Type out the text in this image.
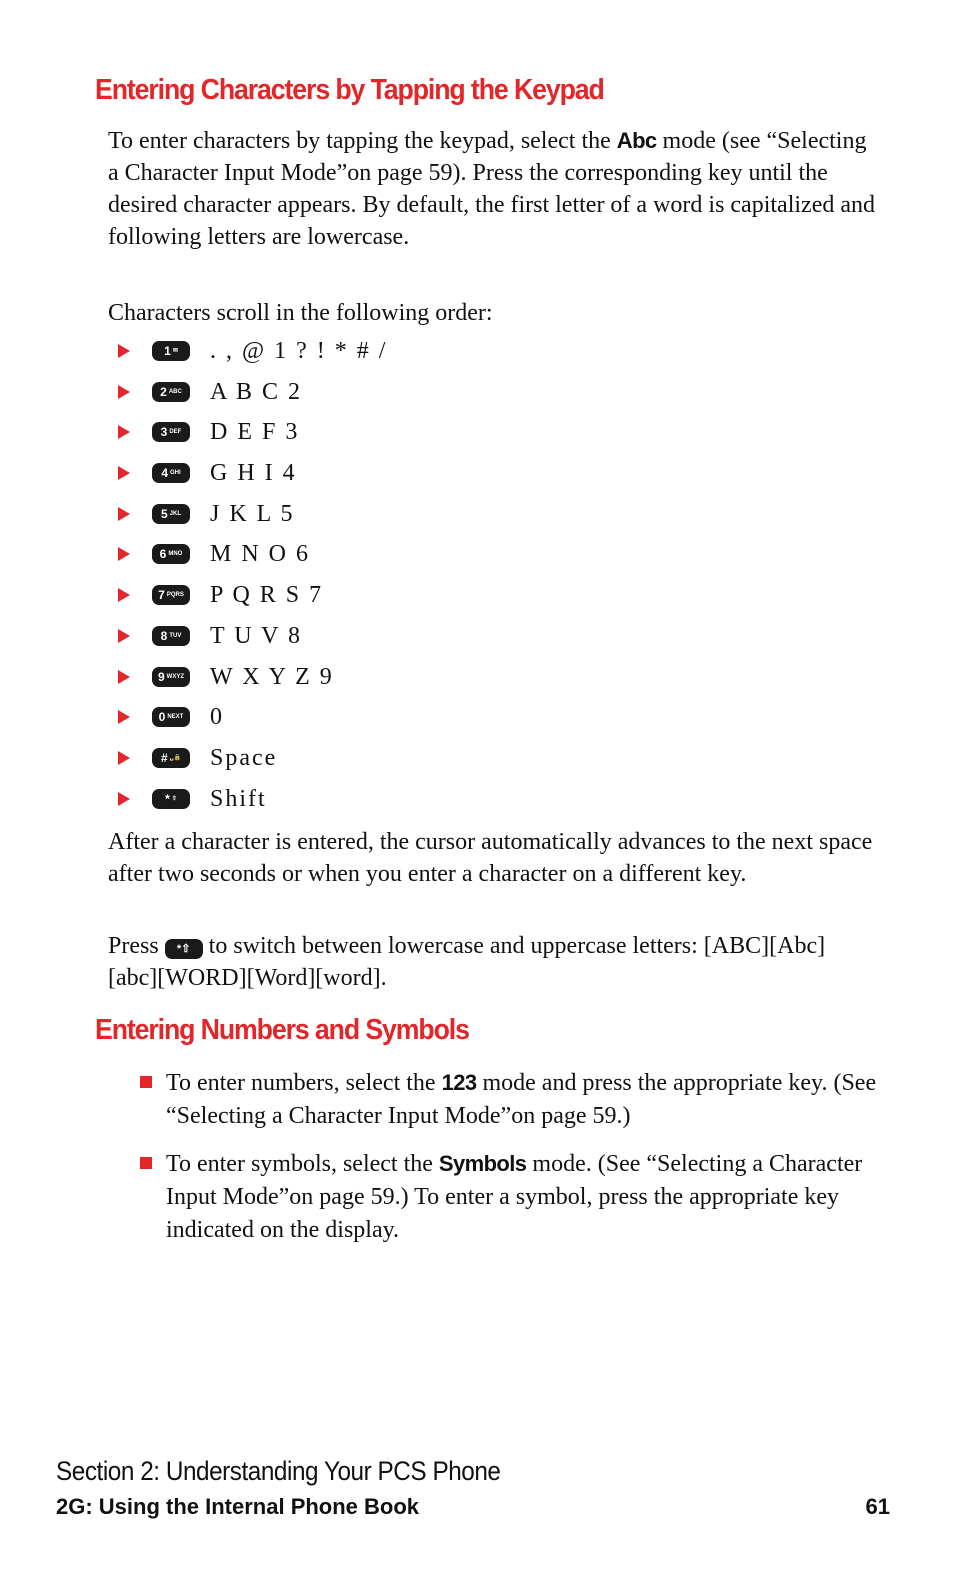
Entering Characters by Tapping the Keypad

To enter characters by tapping the keypad, select the Abc mode (see “Selecting a Character Input Mode”on page 59). Press the corresponding key until the desired character appears. By default, the first letter of a word is capitalized and following letters are lowercase.

Characters scroll in the following order:

1 ✉ . , @ 1 ? ! * # /
2 ABC A B C 2
3 DEF D E F 3
4 GHI G H I 4
5 JKL J K L 5
6 MNO M N O 6
7 PQRS P Q R S 7
8 TUV T U V 8
9 WXYZ W X Y Z 9
0 NEXT 0
# ␣🔒 Space
* ⇧ Shift

After a character is entered, the cursor automatically advances to the next space after two seconds or when you enter a character on a different key.

Press *⇧ to switch between lowercase and uppercase letters: [ABC][Abc] [abc][WORD][Word][word].

Entering Numbers and Symbols
To enter numbers, select the 123 mode and press the appropriate key. (See “Selecting a Character Input Mode”on page 59.)
To enter symbols, select the Symbols mode. (See “Selecting a Character Input Mode”on page 59.) To enter a symbol, press the appropriate key indicated on the display.

Section 2: Understanding Your PCS Phone

2G: Using the Internal Phone Book	61
